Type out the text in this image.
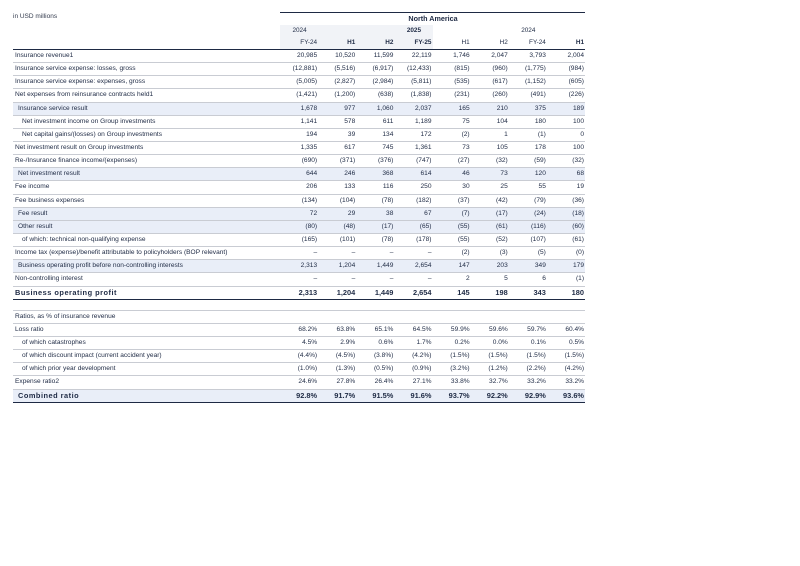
in USD millions
		North America							
	2024			2025			2024	
	FY-24	H1	H2	FY-25	H1	H2	FY-24	H1
Insurance revenue1	20,985	10,520	11,599	22,119	1,746	2,047	3,793	2,004
Insurance service expense: losses, gross	(12,881)	(5,516)	(6,917)	(12,433)	(815)	(960)	(1,775)	(984)
Insurance service expense: expenses, gross	(5,005)	(2,827)	(2,984)	(5,811)	(535)	(617)	(1,152)	(605)
Net expenses from reinsurance contracts held1	(1,421)	(1,200)	(638)	(1,838)	(231)	(260)	(491)	(226)
Insurance service result	1,678	977	1,060	2,037	165	210	375	189
Net investment income on Group investments	1,141	578	611	1,189	75	104	180	100
Net capital gains/(losses) on Group investments	194	39	134	172	(2)	1	(1)	0
Net investment result on Group investments	1,335	617	745	1,361	73	105	178	100
Re-/Insurance finance income/(expenses)	(690)	(371)	(376)	(747)	(27)	(32)	(59)	(32)
Net investment result	644	246	368	614	46	73	120	68
Fee income	206	133	116	250	30	25	55	19
Fee business expenses	(134)	(104)	(78)	(182)	(37)	(42)	(79)	(36)
Fee result	72	29	38	67	(7)	(17)	(24)	(18)
Other result	(80)	(48)	(17)	(65)	(55)	(61)	(116)	(60)
of which: technical non-qualifying expense	(165)	(101)	(78)	(178)	(55)	(52)	(107)	(61)
Income tax (expense)/benefit attributable to policyholders (BOP relevant)	–	–	–	–	(2)	(3)	(5)	(0)
Business operating profit before non-controlling interests	2,313	1,204	1,449	2,654	147	203	349	179
Non-controlling interest	–	–	–	–	2	5	6	(1)
Business operating profit	2,313	1,204	1,449	2,654	145	198	343	180

Ratios, as % of insurance revenue								
Loss ratio	68.2%	63.8%	65.1%	64.5%	59.9%	59.6%	59.7%	60.4%
of which catastrophes	4.5%	2.9%	0.6%	1.7%	0.2%	0.0%	0.1%	0.5%
of which discount impact (current accident year)	(4.4%)	(4.5%)	(3.8%)	(4.2%)	(1.5%)	(1.5%)	(1.5%)	(1.5%)
of which prior year development	(1.0%)	(1.3%)	(0.5%)	(0.9%)	(3.2%)	(1.2%)	(2.2%)	(4.2%)
Expense ratio2	24.6%	27.8%	26.4%	27.1%	33.8%	32.7%	33.2%	33.2%
Combined ratio	92.8%	91.7%	91.5%	91.6%	93.7%	92.2%	92.9%	93.6%
